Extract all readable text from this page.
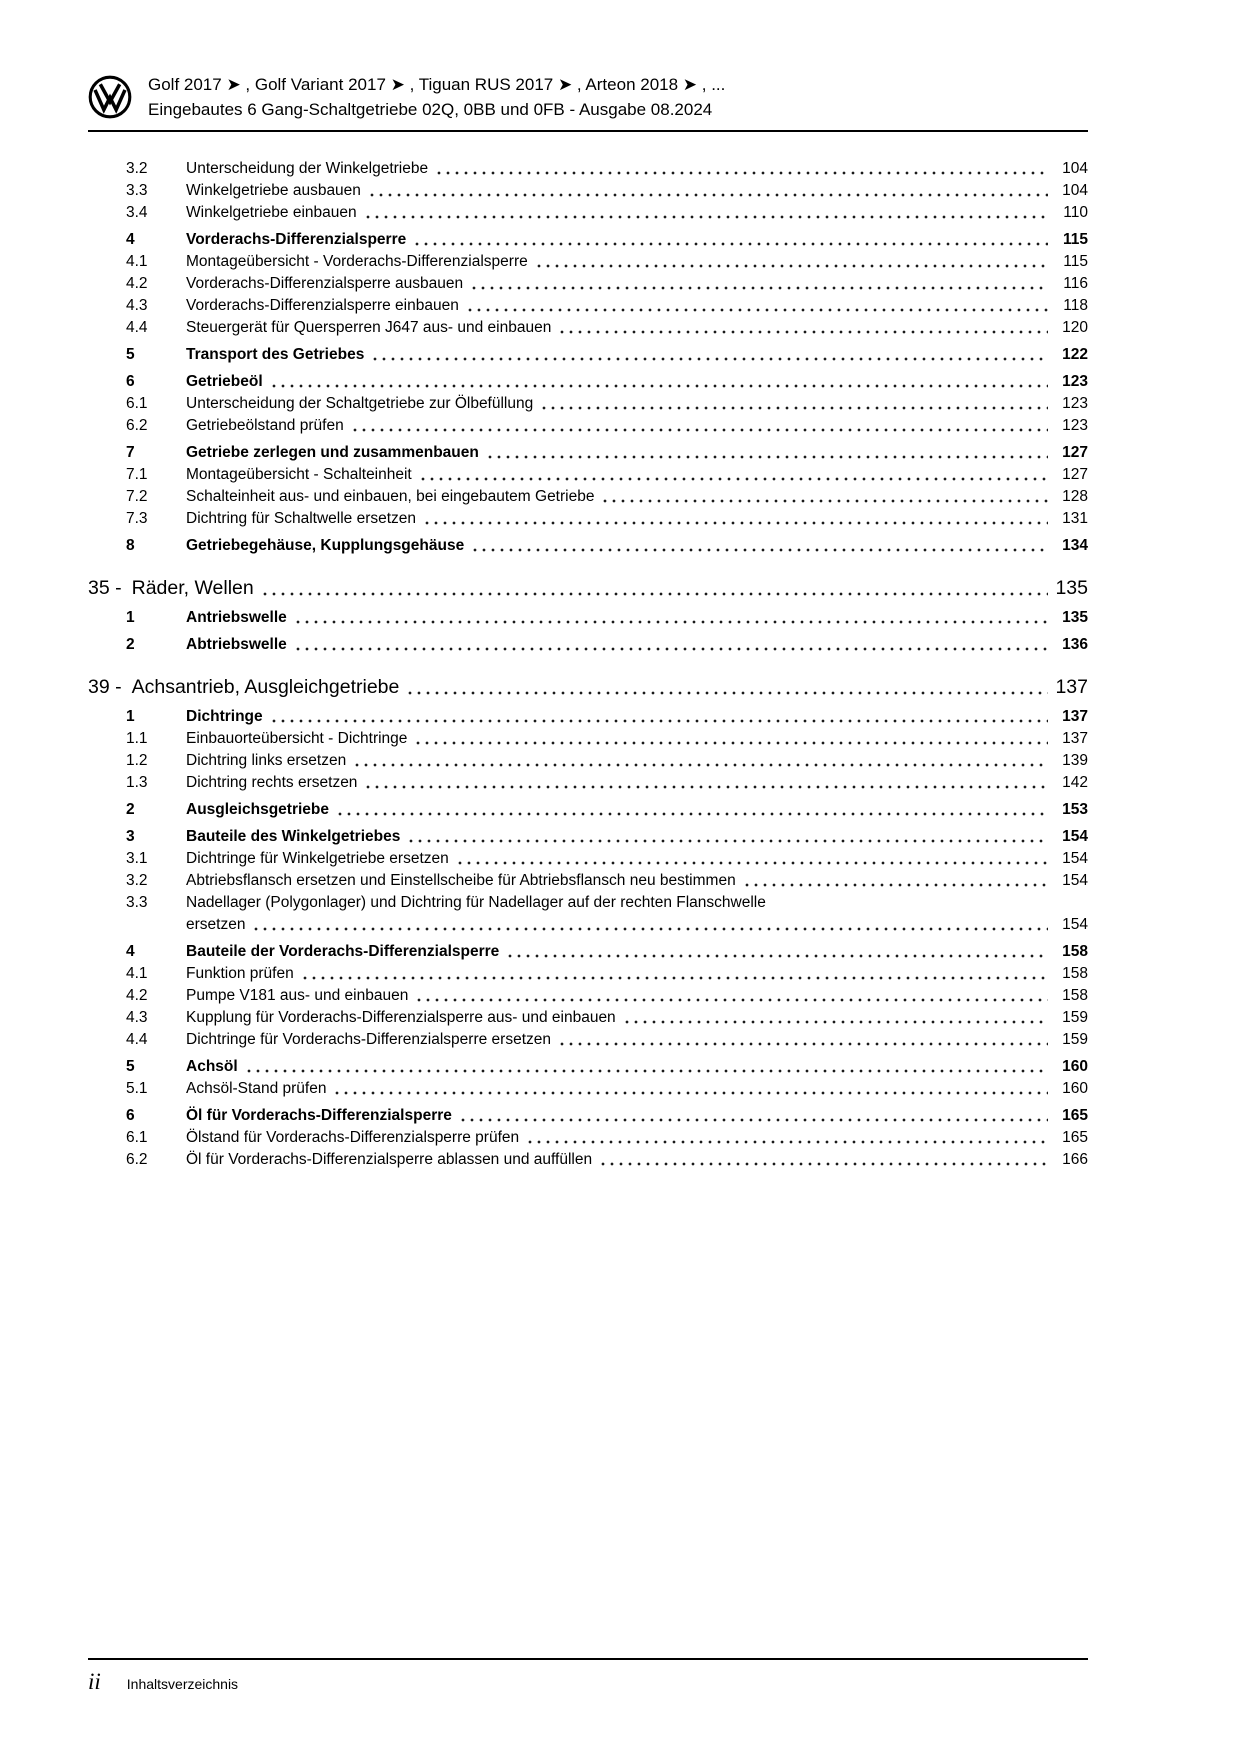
Golf 2017 ➤ , Golf Variant 2017 ➤ , Tiguan RUS 2017 ➤ , Arteon 2018 ➤ , ...
Eingebautes 6 Gang-Schaltgetriebe 02Q, 0BB und 0FB - Ausgabe 08.2024
3.2	Unterscheidung der Winkelgetriebe	104
3.3	Winkelgetriebe ausbauen	104
3.4	Winkelgetriebe einbauen	110
4	Vorderachs-Differenzialsperre	115
4.1	Montageübersicht - Vorderachs-Differenzialsperre	115
4.2	Vorderachs-Differenzialsperre ausbauen	116
4.3	Vorderachs-Differenzialsperre einbauen	118
4.4	Steuergerät für Quersperren J647 aus- und einbauen	120
5	Transport des Getriebes	122
6	Getriebeöl	123
6.1	Unterscheidung der Schaltgetriebe zur Ölbefüllung	123
6.2	Getriebeölstand prüfen	123
7	Getriebe zerlegen und zusammenbauen	127
7.1	Montageübersicht - Schalteinheit	127
7.2	Schalteinheit aus- und einbauen, bei eingebautem Getriebe	128
7.3	Dichtring für Schaltwelle ersetzen	131
8	Getriebegehäuse, Kupplungsgehäuse	134
35 - Räder, Wellen	135
1	Antriebswelle	135
2	Abtriebswelle	136
39 - Achsantrieb, Ausgleichgetriebe	137
1	Dichtringe	137
1.1	Einbauorteübersicht - Dichtringe	137
1.2	Dichtring links ersetzen	139
1.3	Dichtring rechts ersetzen	142
2	Ausgleichsgetriebe	153
3	Bauteile des Winkelgetriebes	154
3.1	Dichtringe für Winkelgetriebe ersetzen	154
3.2	Abtriebsflansch ersetzen und Einstellscheibe für Abtriebsflansch neu bestimmen	154
3.3	Nadellager (Polygonlager) und Dichtring für Nadellager auf der rechten Flanschwelle
ersetzen	154
4	Bauteile der Vorderachs-Differenzialsperre	158
4.1	Funktion prüfen	158
4.2	Pumpe V181 aus- und einbauen	158
4.3	Kupplung für Vorderachs-Differenzialsperre aus- und einbauen	159
4.4	Dichtringe für Vorderachs-Differenzialsperre ersetzen	159
5	Achsöl	160
5.1	Achsöl-Stand prüfen	160
6	Öl für Vorderachs-Differenzialsperre	165
6.1	Ölstand für Vorderachs-Differenzialsperre prüfen	165
6.2	Öl für Vorderachs-Differenzialsperre ablassen und auffüllen	166
ii Inhaltsverzeichnis
